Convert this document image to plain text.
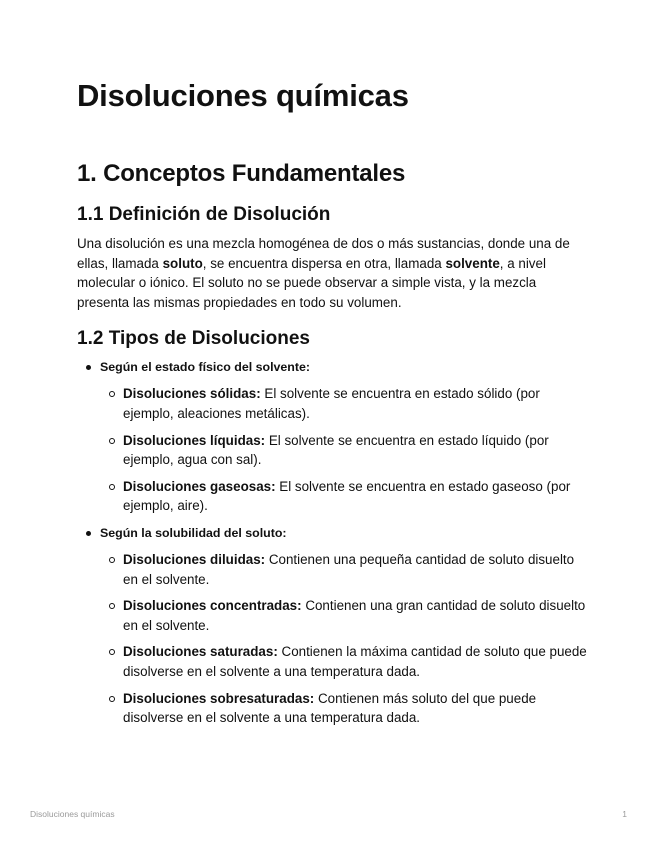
Disoluciones químicas
1. Conceptos Fundamentales
1.1 Definición de Disolución

Una disolución es una mezcla homogénea de dos o más sustancias, donde una de ellas, llamada soluto, se encuentra dispersa en otra, llamada solvente, a nivel molecular o iónico. El soluto no se puede observar a simple vista, y la mezcla presenta las mismas propiedades en todo su volumen.

1.2 Tipos de Disoluciones
Según el estado físico del solvente:
Disoluciones sólidas: El solvente se encuentra en estado sólido (por ejemplo, aleaciones metálicas).
Disoluciones líquidas: El solvente se encuentra en estado líquido (por ejemplo, agua con sal).
Disoluciones gaseosas: El solvente se encuentra en estado gaseoso (por ejemplo, aire).
Según la solubilidad del soluto:
Disoluciones diluidas: Contienen una pequeña cantidad de soluto disuelto en el solvente.
Disoluciones concentradas: Contienen una gran cantidad de soluto disuelto en el solvente.
Disoluciones saturadas: Contienen la máxima cantidad de soluto que puede disolverse en el solvente a una temperatura dada.
Disoluciones sobresaturadas: Contienen más soluto del que puede disolverse en el solvente a una temperatura dada.
Disoluciones químicas	1
